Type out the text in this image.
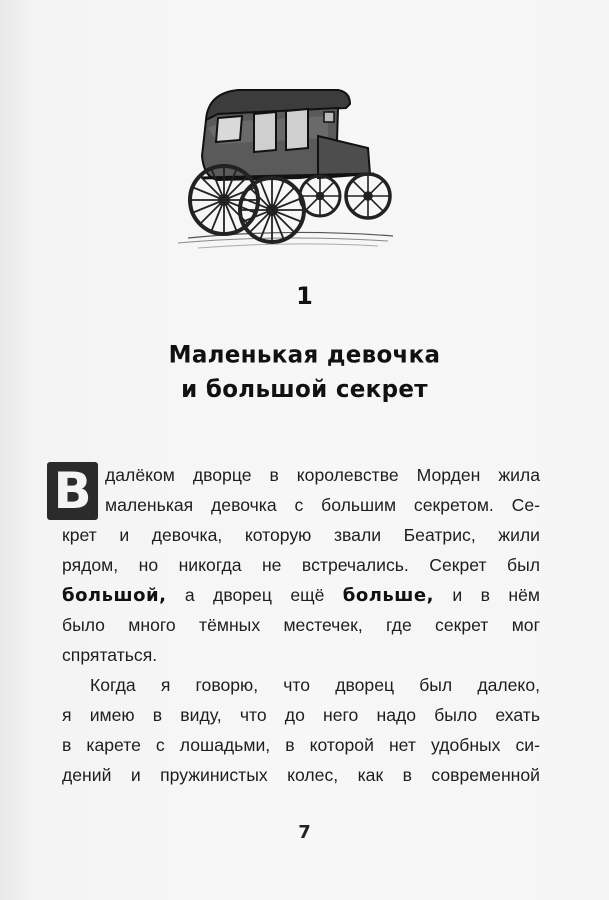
1
Маленькая девочка
и большой секрет
В далёком дворце в королевстве Морден жила
маленькая девочка с большим секретом. Се-
крет и девочка, которую звали Беатрис, жили
рядом, но никогда не встречались. Секрет был
большой, а дворец ещё больше, и в нём
было много тёмных местечек, где секрет мог
спрятаться.
Когда я говорю, что дворец был далеко,
я имею в виду, что до него надо было ехать
в карете с лошадьми, в которой нет удобных си-
дений и пружинистых колес, как в современной
7
